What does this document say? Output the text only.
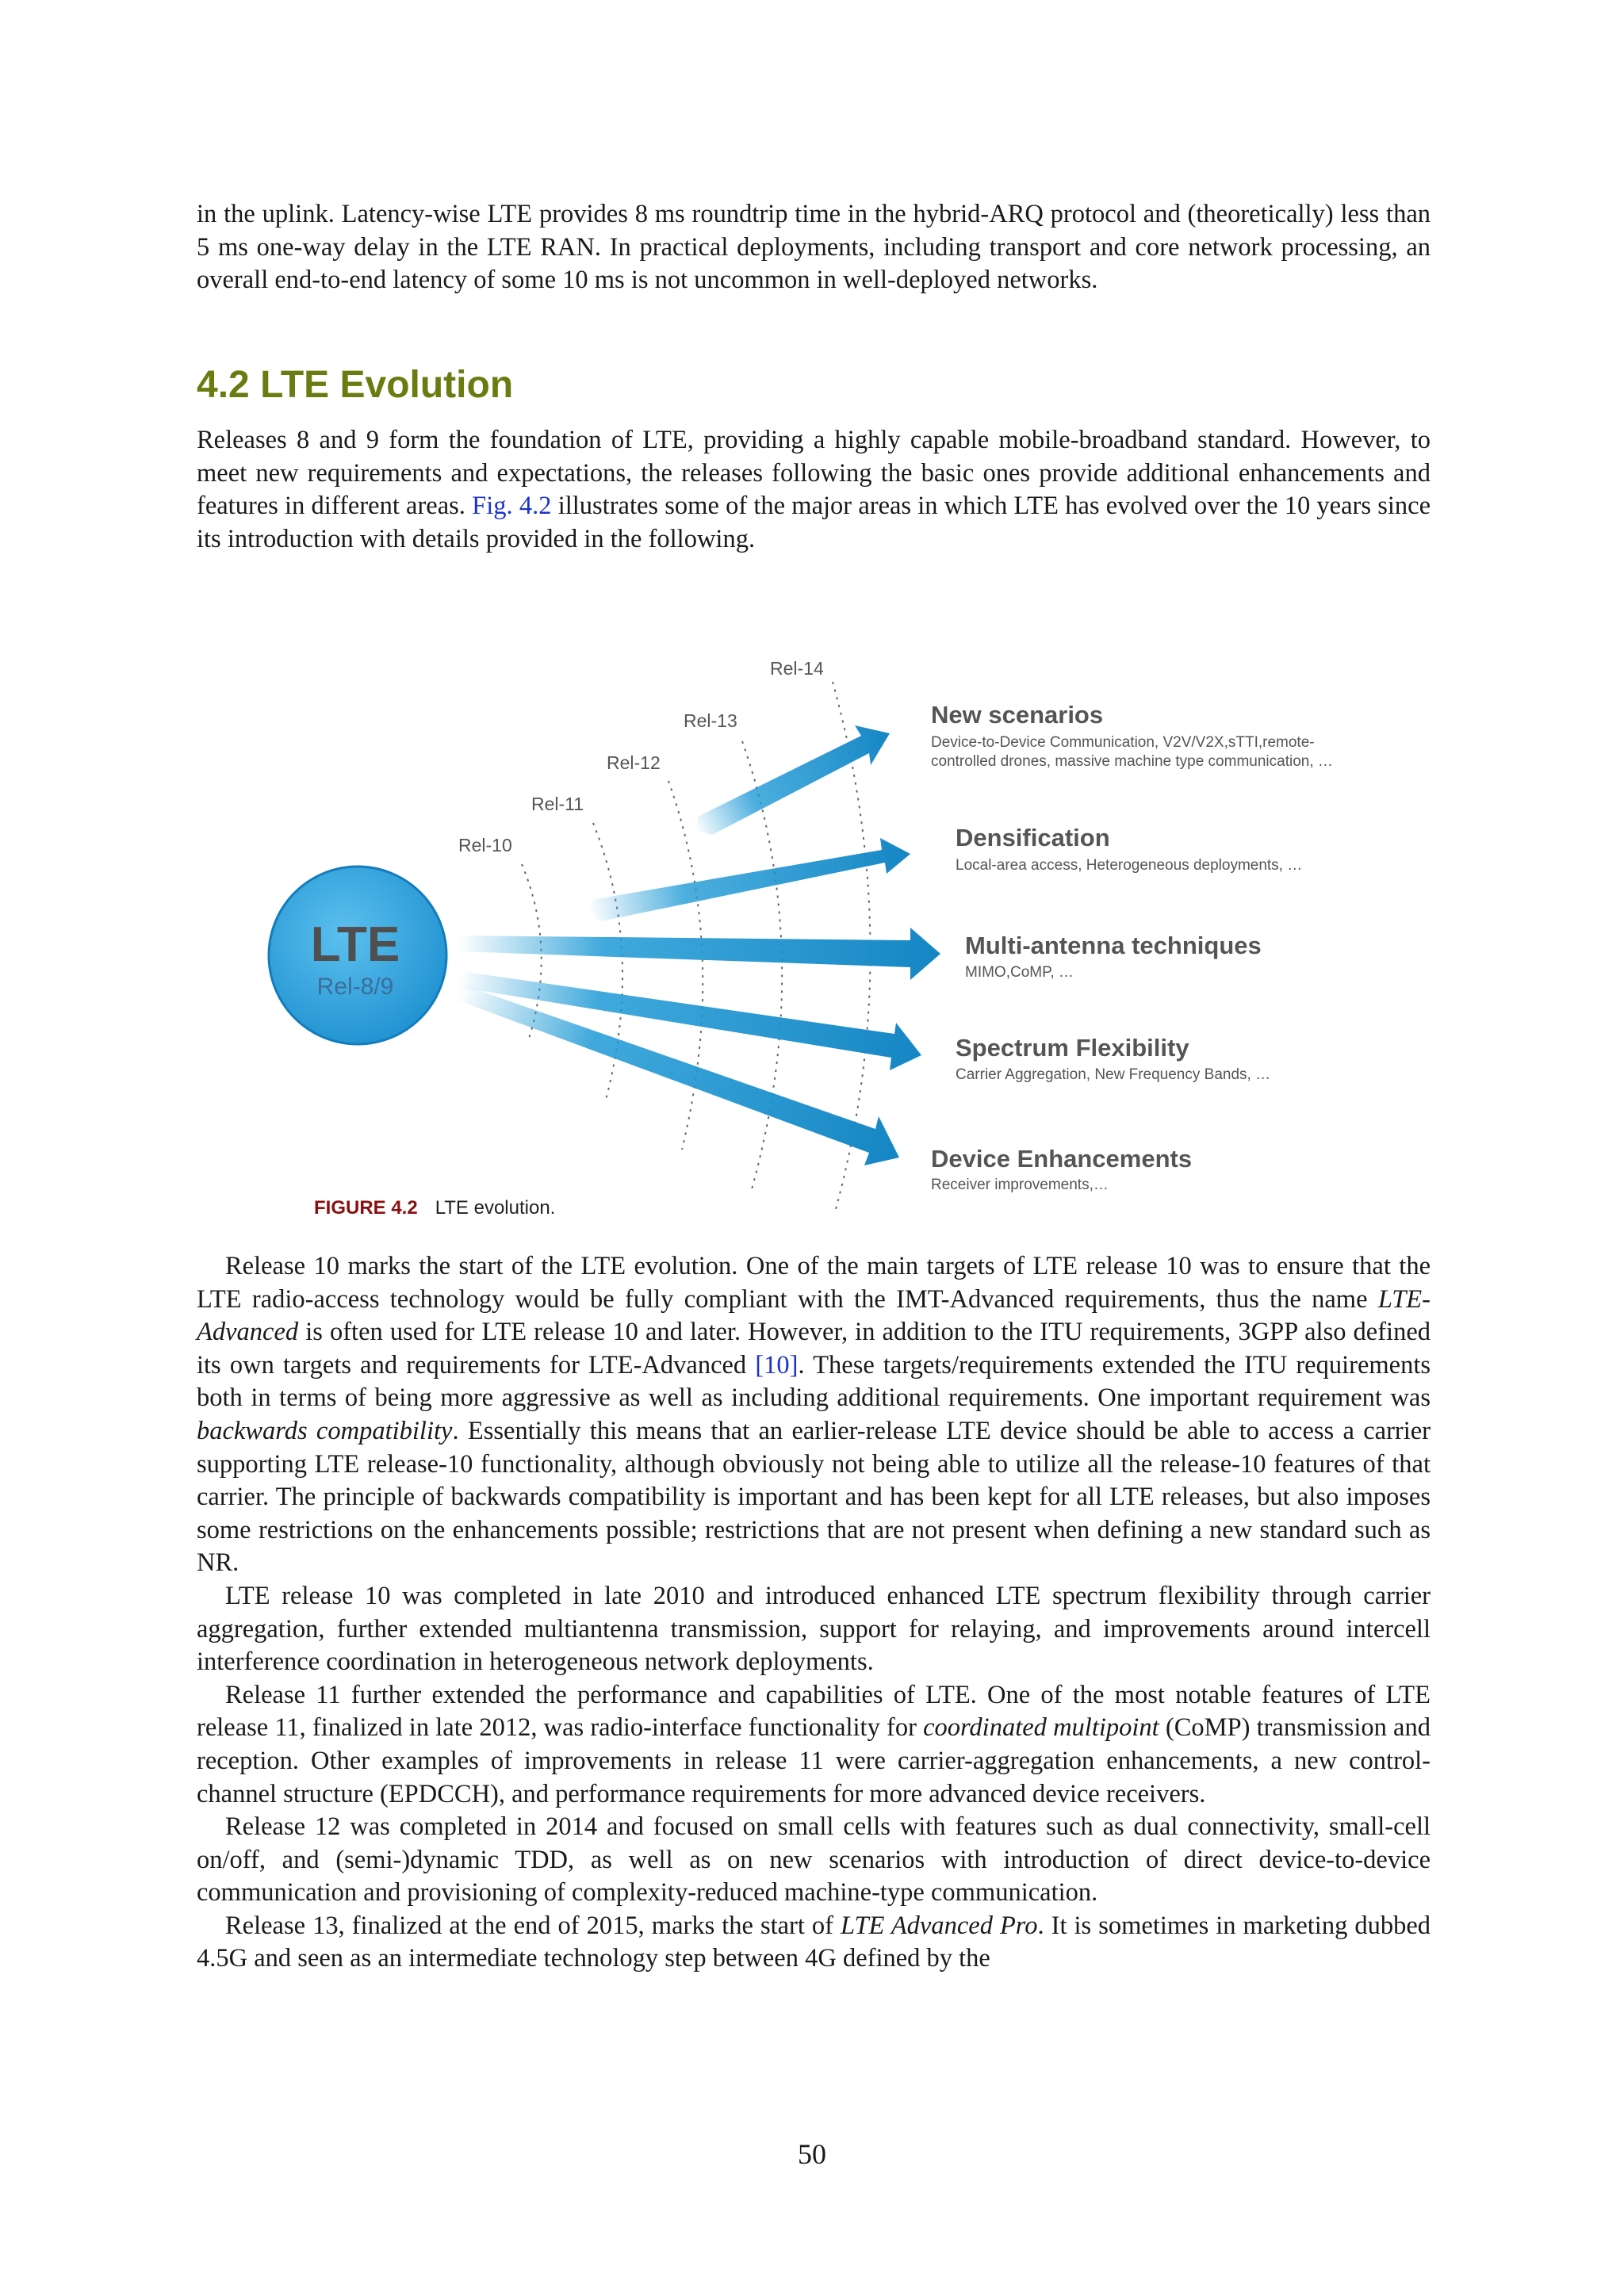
in the uplink. Latency-wise LTE provides 8 ms roundtrip time in the hybrid-ARQ protocol and (theoretically) less than 5 ms one-way delay in the LTE RAN. In practical deployments, including transport and core network processing, an overall end-to-end latency of some 10 ms is not uncommon in well-deployed networks.

4.2 LTE Evolution

Releases 8 and 9 form the foundation of LTE, providing a highly capable mobile-broadband standard. However, to meet new requirements and expectations, the releases following the basic ones provide additional enhancements and features in different areas. Fig. 4.2 illustrates some of the major areas in which LTE has evolved over the 10 years since its introduction with details provided in the following.

LTE
Rel-8/9
Rel-10
Rel-11
Rel-12
Rel-13
Rel-14
New scenarios
Device-to-Device Communication, V2V/V2X,sTTI,remote-
controlled drones, massive machine type communication, …
Densification
Local-area access, Heterogeneous deployments, …
Multi-antenna techniques
MIMO,CoMP, …
Spectrum Flexibility
Carrier Aggregation, New Frequency Bands, …
Device Enhancements
Receiver improvements,…
FIGURE 4.2 LTE evolution.

Release 10 marks the start of the LTE evolution. One of the main targets of LTE release 10 was to ensure that the LTE radio-access technology would be fully compliant with the IMT-Advanced requirements, thus the name LTE-Advanced is often used for LTE release 10 and later. However, in addition to the ITU requirements, 3GPP also defined its own targets and requirements for LTE-Advanced [10]. These targets/requirements extended the ITU requirements both in terms of being more aggressive as well as including additional requirements. One important requirement was backwards compatibility. Essentially this means that an earlier-release LTE device should be able to access a carrier supporting LTE release-10 functionality, although obviously not being able to utilize all the release-10 features of that carrier. The principle of backwards compatibility is important and has been kept for all LTE releases, but also imposes some restrictions on the enhancements possible; restrictions that are not present when defining a new standard such as NR.

LTE release 10 was completed in late 2010 and introduced enhanced LTE spectrum flexibility through carrier aggregation, further extended multiantenna transmission, support for relaying, and improvements around intercell interference coordination in heterogeneous network deployments.

Release 11 further extended the performance and capabilities of LTE. One of the most notable features of LTE release 11, finalized in late 2012, was radio-interface functionality for coordinated multipoint (CoMP) transmission and reception. Other examples of improvements in release 11 were carrier-aggregation enhancements, a new control-channel structure (EPDCCH), and performance requirements for more advanced device receivers.

Release 12 was completed in 2014 and focused on small cells with features such as dual connectivity, small-cell on/off, and (semi-)dynamic TDD, as well as on new scenarios with introduction of direct device-to-device communication and provisioning of complexity-reduced machine-type communication.

Release 13, finalized at the end of 2015, marks the start of LTE Advanced Pro. It is sometimes in marketing dubbed 4.5G and seen as an intermediate technology step between 4G defined by the

50
